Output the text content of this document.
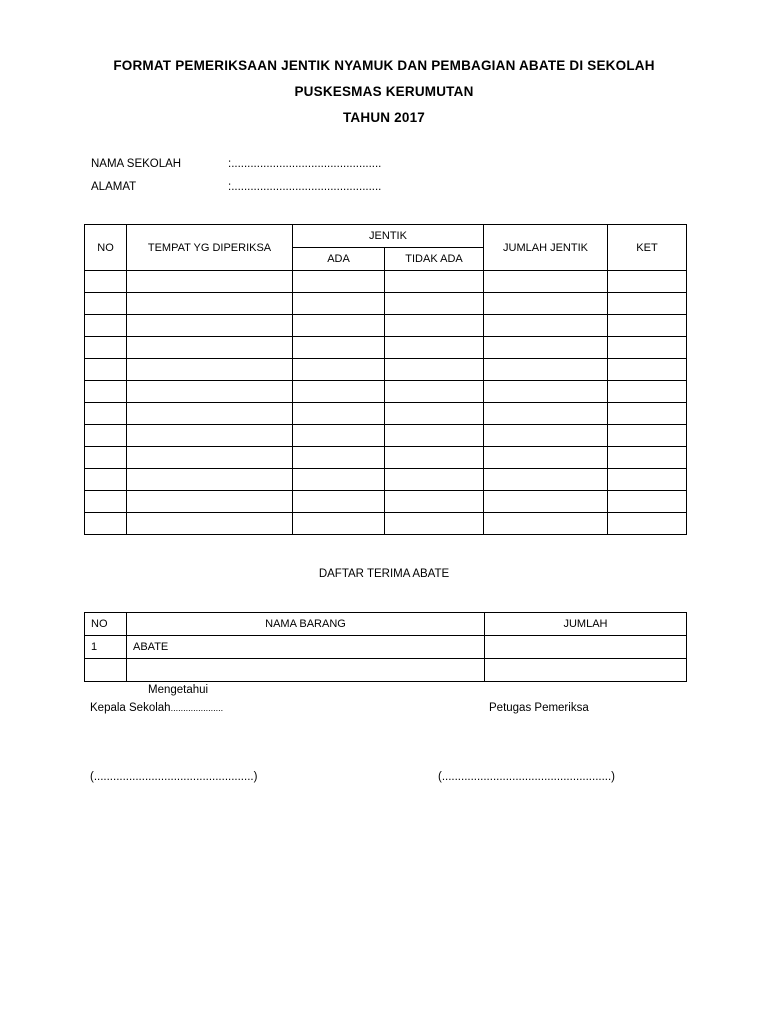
FORMAT PEMERIKSAAN JENTIK NYAMUK DAN PEMBAGIAN ABATE DI SEKOLAH
PUSKESMAS KERUMUTAN
TAHUN 2017
NAMA SEKOLAH	:...............................................
ALAMAT	:...............................................
NO	TEMPAT YG DIPERIKSA	JENTIK		JUMLAH JENTIK	KET
		ADA	TIDAK ADA		

DAFTAR TERIMA ABATE
NO	NAMA BARANG	JUMLAH
1	ABATE	

Mengetahui
Kepala Sekolah.....................	Petugas Pemeriksa
(..................................................)	(.....................................................)
